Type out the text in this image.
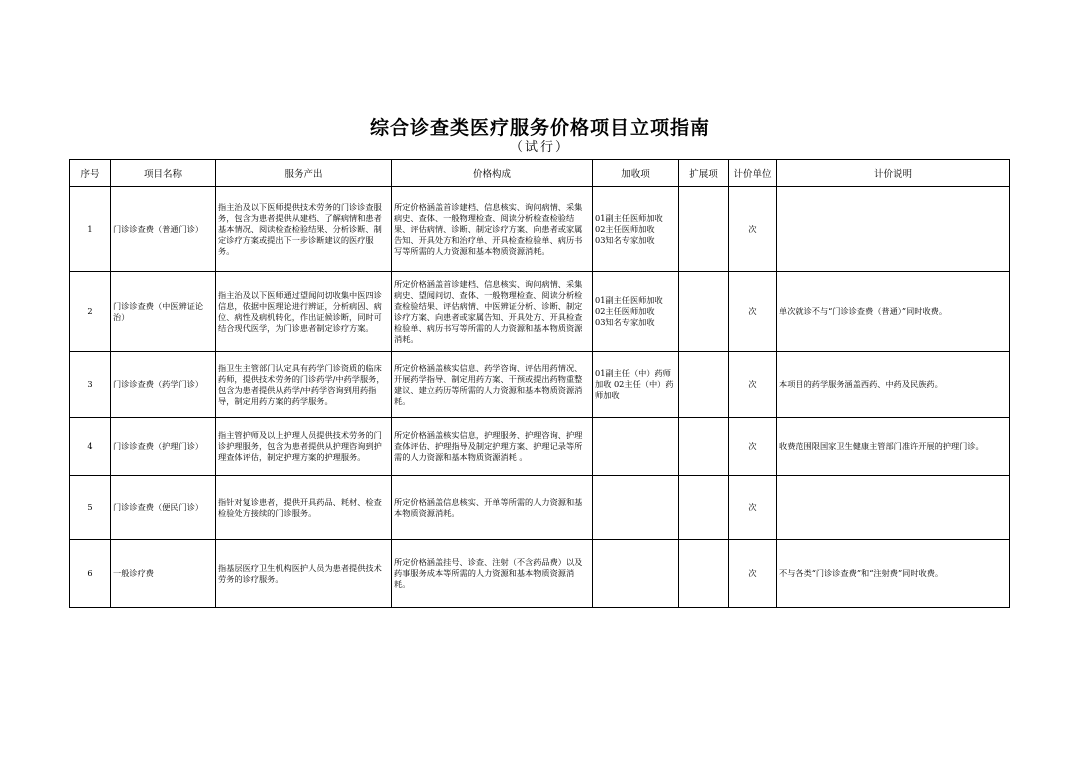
综合诊查类医疗服务价格项目立项指南
（试行）
序号	项目名称	服务产出	价格构成	加收项	扩展项	计价单位	计价说明
1	门诊诊查费（普通门诊）	指主治及以下医师提供技术劳务的门诊诊查服务，包含为患者提供从建档、了解病情和患者基本情况、阅读检查检验结果、分析诊断、制定诊疗方案或提出下一步诊断建议的医疗服务。	所定价格涵盖首诊建档、信息核实、询问病情、采集病史、查体、一般物理检查、阅读分析检查检验结果、评估病情、诊断、制定诊疗方案、向患者或家属告知、开具处方和治疗单、开具检查检验单、病历书写等所需的人力资源和基本物质资源消耗。	01副主任医师加收
02主任医师加收
03知名专家加收		次	
2	门诊诊查费（中医辨证论治）	指主治及以下医师通过望闻问切收集中医四诊信息，依据中医理论进行辨证，分析病因、病位、病性及病机转化，作出证候诊断，同时可结合现代医学，为门诊患者制定诊疗方案。	所定价格涵盖首诊建档、信息核实、询问病情、采集病史、望闻问切、查体、一般物理检查、阅读分析检查检验结果、评估病情、中医辨证分析、诊断、制定诊疗方案、向患者或家属告知、开具处方、开具检查检验单、病历书写等所需的人力资源和基本物质资源消耗。	01副主任医师加收
02主任医师加收
03知名专家加收		次	单次就诊不与“门诊诊查费（普通）”同时收费。
3	门诊诊查费（药学门诊）	指卫生主管部门认定具有药学门诊资质的临床药师，提供技术劳务的门诊药学/中药学服务，包含为患者提供从药学/中药学咨询到用药指导，制定用药方案的药学服务。	所定价格涵盖核实信息、药学咨询、评估用药情况、开展药学指导、制定用药方案、干预或提出药物重整建议、建立药历等所需的人力资源和基本物质资源消耗。	01副主任（中）药师加收 02主任（中）药师加收		次	本项目的药学服务涵盖西药、中药及民族药。
4	门诊诊查费（护理门诊）	指主管护师及以上护理人员提供技术劳务的门诊护理服务，包含为患者提供从护理咨询到护理查体评估，制定护理方案的护理服务。	所定价格涵盖核实信息，护理服务、护理咨询、护理查体评估、护理指导及制定护理方案、护理记录等所需的人力资源和基本物质资源消耗 。			次	收费范围限国家卫生健康主管部门准许开展的护理门诊。
5	门诊诊查费（便民门诊）	指针对复诊患者，提供开具药品、耗材、检查检验处方接续的门诊服务。	所定价格涵盖信息核实、开单等所需的人力资源和基本物质资源消耗。			次	
6	一般诊疗费	指基层医疗卫生机构医护人员为患者提供技术劳务的诊疗服务。	所定价格涵盖挂号、诊查、注射（不含药品费）以及药事服务成本等所需的人力资源和基本物质资源消耗。			次	不与各类“门诊诊查费”和“注射费”同时收费。
